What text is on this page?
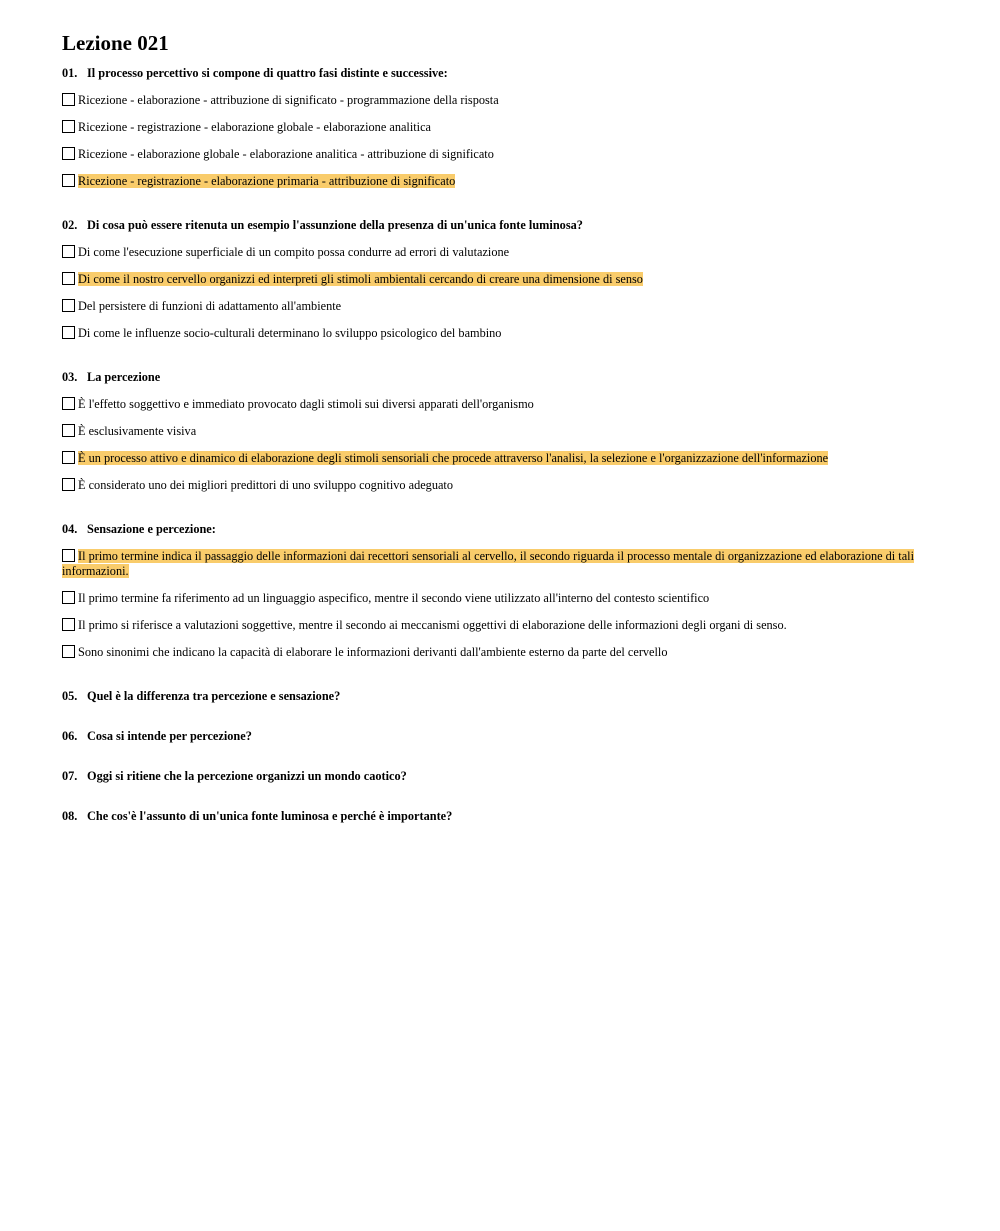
Lezione 021
01. Il processo percettivo si compone di quattro fasi distinte e successive:
Ricezione - elaborazione - attribuzione di significato - programmazione della risposta
Ricezione - registrazione - elaborazione globale - elaborazione analitica
Ricezione - elaborazione globale - elaborazione analitica - attribuzione di significato
Ricezione - registrazione - elaborazione primaria - attribuzione di significato
02. Di cosa può essere ritenuta un esempio l'assunzione della presenza di un'unica fonte luminosa?
Di come l'esecuzione superficiale di un compito possa condurre ad errori di valutazione
Di come il nostro cervello organizzi ed interpreti gli stimoli ambientali cercando di creare una dimensione di senso
Del persistere di funzioni di adattamento all'ambiente
Di come le influenze socio-culturali determinano lo sviluppo psicologico del bambino
03. La percezione
È l'effetto soggettivo e immediato provocato dagli stimoli sui diversi apparati dell'organismo
È esclusivamente visiva
È un processo attivo e dinamico di elaborazione degli stimoli sensoriali che procede attraverso l'analisi, la selezione e l'organizzazione dell'informazione
È considerato uno dei migliori predittori di uno sviluppo cognitivo adeguato
04. Sensazione e percezione:
Il primo termine indica il passaggio delle informazioni dai recettori sensoriali al cervello, il secondo riguarda il processo mentale di organizzazione ed elaborazione di tali informazioni.
Il primo termine fa riferimento ad un linguaggio aspecifico, mentre il secondo viene utilizzato all'interno del contesto scientifico
Il primo si riferisce a valutazioni soggettive, mentre il secondo ai meccanismi oggettivi di elaborazione delle informazioni degli organi di senso.
Sono sinonimi che indicano la capacità di elaborare le informazioni derivanti dall'ambiente esterno da parte del cervello
05. Quel è la differenza tra percezione e sensazione?
06. Cosa si intende per percezione?
07. Oggi si ritiene che la percezione organizzi un mondo caotico?
08. Che cos'è l'assunto di un'unica fonte luminosa e perché è importante?
